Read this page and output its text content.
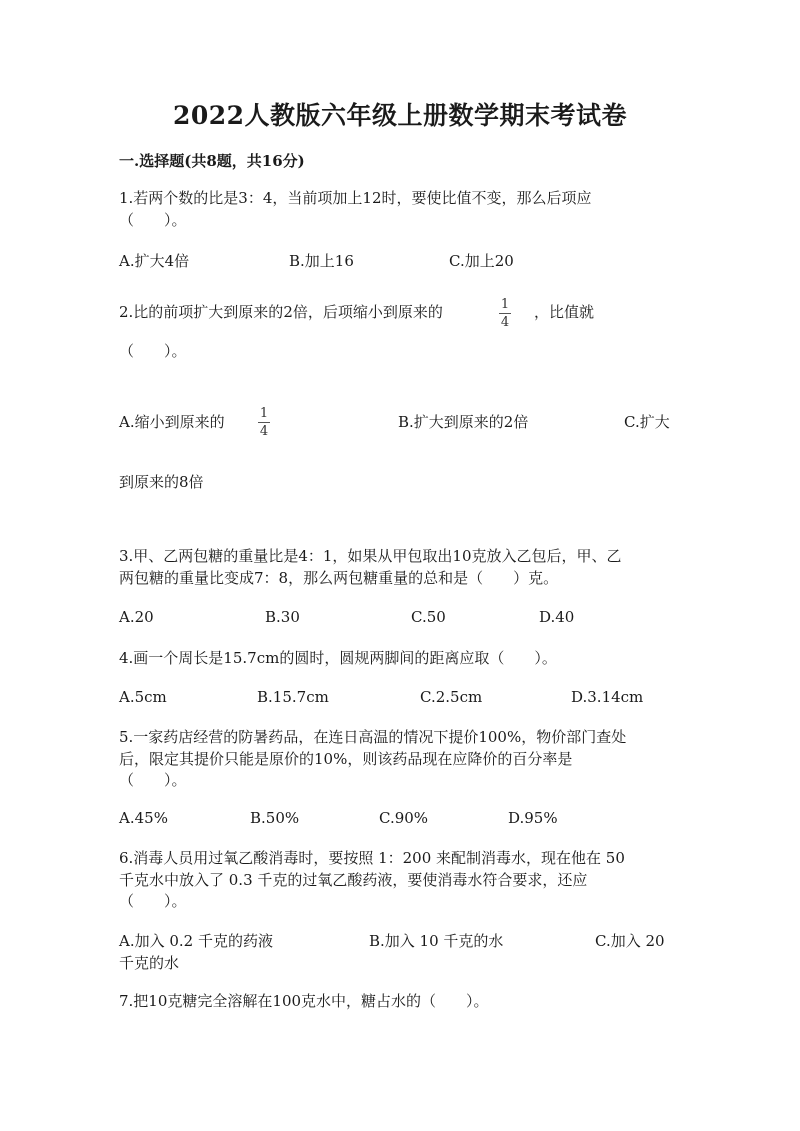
2022人教版六年级上册数学期末考试卷
一.选择题(共8题，共16分)
1.若两个数的比是3：4，当前项加上12时，要使比值不变，那么后项应
（　　）。
A.扩大4倍	B.加上16	C.加上20
2.比的前项扩大到原来的2倍，后项缩小到原来的	1
4
，比值就
（　　）。
A.缩小到原来的	1
4
B.扩大到原来的2倍	C.扩大
到原来的8倍
3.甲、乙两包糖的重量比是4：1，如果从甲包取出10克放入乙包后，甲、乙
两包糖的重量比变成7：8，那么两包糖重量的总和是（　　）克。
A.20	B.30	C.50	D.40
4.画一个周长是15.7cm的圆时，圆规两脚间的距离应取（　　）。
A.5cm	B.15.7cm	C.2.5cm	D.3.14cm
5.一家药店经营的防暑药品，在连日高温的情况下提价100%，物价部门查处
后，限定其提价只能是原价的10%，则该药品现在应降价的百分率是
（　　）。
A.45%	B.50%	C.90%	D.95%
6.消毒人员用过氧乙酸消毒时，要按照 1：200 来配制消毒水，现在他在 50
千克水中放入了 0.3 千克的过氧乙酸药液，要使消毒水符合要求，还应
（　　）。
A.加入 0.2 千克的药液	B.加入 10 千克的水	C.加入 20
千克的水
7.把10克糖完全溶解在100克水中，糖占水的（　　）。
